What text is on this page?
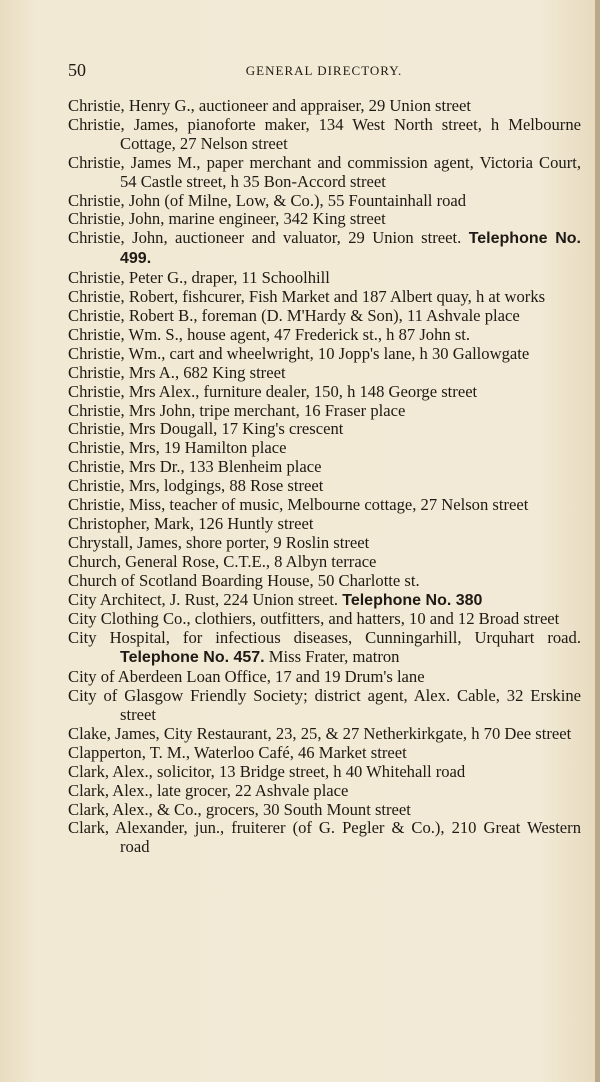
50	GENERAL DIRECTORY.
Christie, Henry G., auctioneer and appraiser, 29 Union street
Christie, James, pianoforte maker, 134 West North street, h Melbourne Cottage, 27 Nelson street
Christie, James M., paper merchant and commission agent, Victoria Court, 54 Castle street, h 35 Bon-Accord street
Christie, John (of Milne, Low, & Co.), 55 Fountainhall road
Christie, John, marine engineer, 342 King street
Christie, John, auctioneer and valuator, 29 Union street. Telephone No. 499.
Christie, Peter G., draper, 11 Schoolhill
Christie, Robert, fishcurer, Fish Market and 187 Albert quay, h at works
Christie, Robert B., foreman (D. M'Hardy & Son), 11 Ashvale place
Christie, Wm. S., house agent, 47 Frederick st., h 87 John st.
Christie, Wm., cart and wheelwright, 10 Jopp's lane, h 30 Gallowgate
Christie, Mrs A., 682 King street
Christie, Mrs Alex., furniture dealer, 150, h 148 George street
Christie, Mrs John, tripe merchant, 16 Fraser place
Christie, Mrs Dougall, 17 King's crescent
Christie, Mrs, 19 Hamilton place
Christie, Mrs Dr., 133 Blenheim place
Christie, Mrs, lodgings, 88 Rose street
Christie, Miss, teacher of music, Melbourne cottage, 27 Nelson street
Christopher, Mark, 126 Huntly street
Chrystall, James, shore porter, 9 Roslin street
Church, General Rose, C.T.E., 8 Albyn terrace
Church of Scotland Boarding House, 50 Charlotte st.
City Architect, J. Rust, 224 Union street. Telephone No. 380
City Clothing Co., clothiers, outfitters, and hatters, 10 and 12 Broad street
City Hospital, for infectious diseases, Cunningarhill, Urquhart road. Telephone No. 457. Miss Frater, matron
City of Aberdeen Loan Office, 17 and 19 Drum's lane
City of Glasgow Friendly Society; district agent, Alex. Cable, 32 Erskine street
Clake, James, City Restaurant, 23, 25, & 27 Netherkirkgate, h 70 Dee street
Clapperton, T. M., Waterloo Café, 46 Market street
Clark, Alex., solicitor, 13 Bridge street, h 40 Whitehall road
Clark, Alex., late grocer, 22 Ashvale place
Clark, Alex., & Co., grocers, 30 South Mount street
Clark, Alexander, jun., fruiterer (of G. Pegler & Co.), 210 Great Western road
